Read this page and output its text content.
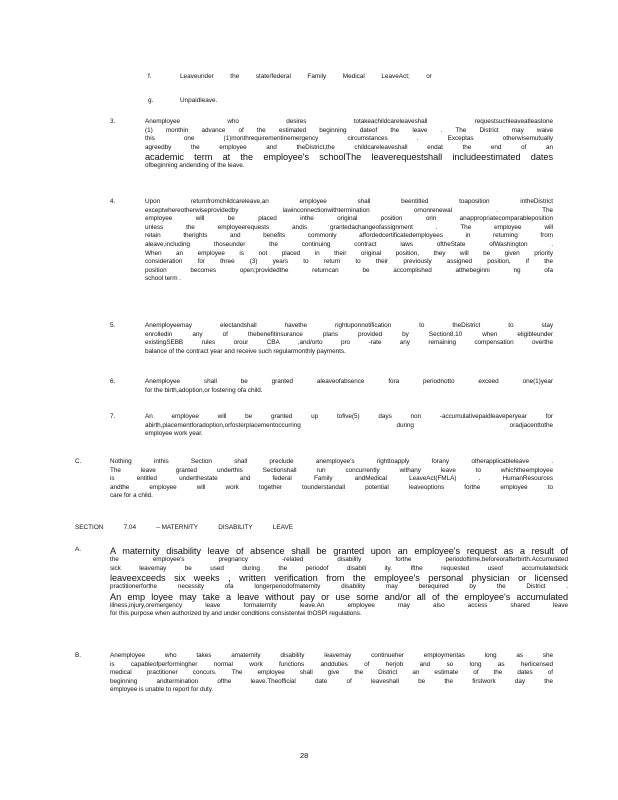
f.	Leaveunder	the	state/federal	Family	Medical	LeaveAct;	or
g.	Unpaidleave.
3.	Anemployee who desires totakeachildcareleaveshall requestsuchleaveatleastone

(1) monthin advance of the estimated beginning dateof the leave . The District may waive

this one (1)monthrequirementinemergency circumstances . Exceptas otherwisemutually

agreedby the employee and theDistrict,the childcareleaveshall endat the end of an

academic term at the employee's schoolThe leaverequestshall includeestimated dates

ofbeginning andending of the leave.

4.	Upon returnfromchildcareleave,an employee shall beentitled toaposition intheDistrict

exceptwhereotherwiseprovidedby lawinconnectionwithtermination ornonrenewal . The

employee will be placed inthe original position orin anappropriatecomparableposition

unless the employeerequests andis grantedachangeofassignment . The employee will

retain therights and benefits commonly affordedcertificatedemployees in returning from

aleave,including thoseunder the continuing contract laws oftheState ofWashington .

When an employee is not placed in their original position, they will be given priority

consideration for three (3) years to return to their previously assigned position, if the

position becomes open;providedthe returncan be accomplished atthebeginni ng ofa

school term .

5.	Anemployeemay electandshall havethe rightuponnotification to theDistrict to stay

enrolledin any of thebenefitinsurance plans provided by Section8.10 when eligibleunder

existingSEBB rules orour CBA ,and/orto pro -rate any remaining compensation overthe

balance of the contract year and receive such regularmonthly payments.

6.	Anemployee shall be granted aleaveofabsence fora periodnotto exceed one(1)year

for the birth,adoption,or fostering ofa child.

7.	An employee will be granted up tofive(5) days non -accumulativepaidleaveperyear for

abirth,placementforadoption,orfosterplacementoccurring during oradjacenttothe

employee work year.

C.	Nothing inthis Section shall preclude anemployee's righttoapply forany otherapplicableleave .

The leave granted underthis Sectionshall run concurrently withany leave to whichtheemployee

is entitled underthestate and federal Family andMedical LeaveAct(FMLA) . HumanResources

andthe employee will work together tounderstandall potential leaveoptions forthe employee to

care for a child.

SECTION	7.04	– MATERNITY	DISABILITY	LEAVE
A.	A maternity disability leave of absence shall be granted upon an employee's request as a result of

the employee's pregnancy -related disability forthe periodoftime,beforeorafterbirth.Accumulated

sick leavemay be used during the periodof disabili ity. Ifthe requested useof accumulatedsick

leaveexceeds six weeks , written verification from the employee's personal physician or licensed

practitionerforthe necessity ofa longerperiodofmaternity disability may berequired by the District .

An emp loyee may take a leave without pay or use some and/or all of the employee's accumulated

illness,injury,oremergency leave formaternity leave.An employee may also access shared leave

for this purpose when authorized by and under conditions consistentwi thOSPI regulations.

B.	Anemployee who takes amaternity disability leavemay continueher employmentas long as she

is capableofperformingher normal work functions andduties of herjob and so long as herlicensed

medical practitioner concurs. The employee shall give the District an estimate of the dates of

beginning andtermination ofthe leave.Theofficial date of leaveshall be the firstwork day the

employee is unable to report for duty.

28
